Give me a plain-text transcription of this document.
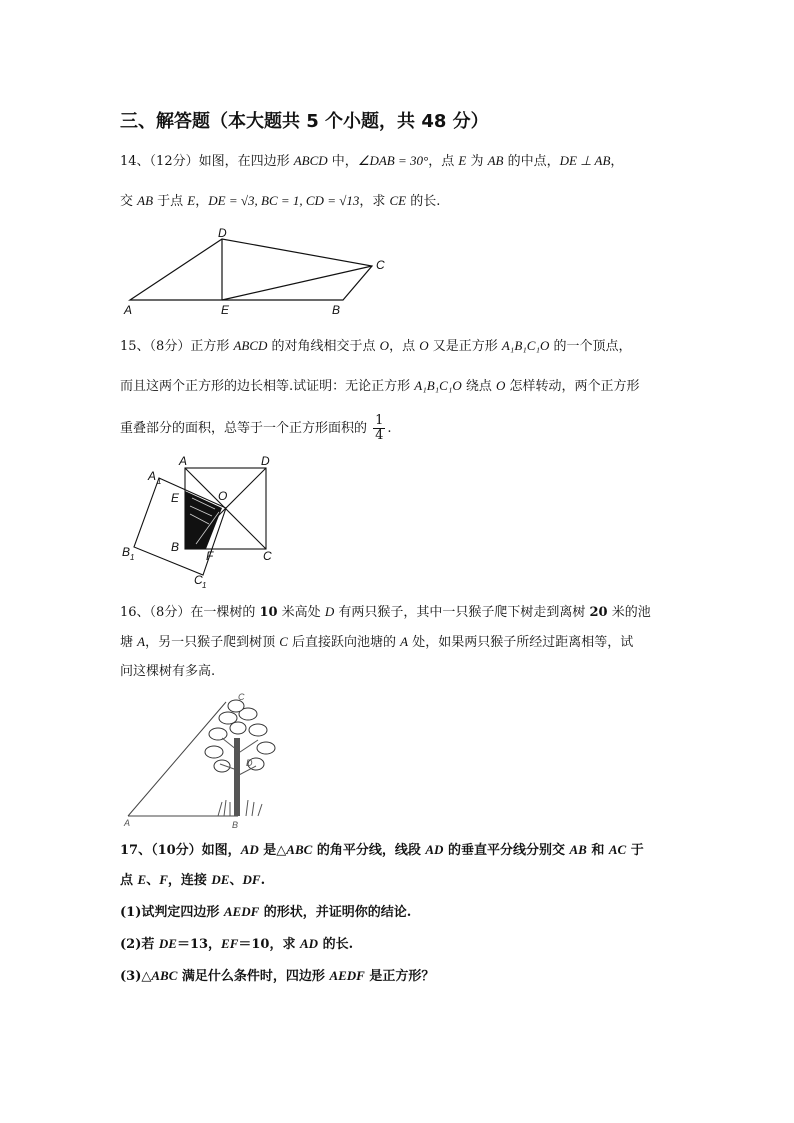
三、解答题（本大题共 5 个小题，共 48 分）
14、（12分）如图，在四边形 ABCD 中，∠DAB = 30°，点 E 为 AB 的中点，DE ⊥ AB，
交 AB 于点 E，DE = √3, BC = 1, CD = √13，求 CE 的长.
D
C
A	E	B
15、（8分）正方形 ABCD 的对角线相交于点 O，点 O 又是正方形 A₁B₁C₁O 的一个顶点，
而且这两个正方形的边长相等.试证明：无论正方形 A₁B₁C₁O 绕点 O 怎样转动，两个正方形
重叠部分的面积，总等于一个正方形面积的 $\frac{1}{4}$ .
A	D
A 1
E	O
B 1
B
F	C
C 1
16、（8分）在一棵树的 10 米高处 D 有两只猴子，其中一只猴子爬下树走到离树 20 米的池
塘 A，另一只猴子爬到树顶 C 后直接跃向池塘的 A 处，如果两只猴子所经过距离相等，试
问这棵树有多高.
C
D
A	B
17、（10分）如图，AD 是△ABC 的角平分线，线段 AD 的垂直平分线分别交 AB 和 AC 于
点 E、F，连接 DE、DF.
(1)试判定四边形 AEDF 的形状，并证明你的结论.
(2)若 DE＝13，EF＝10，求 AD 的长.
(3)△ABC 满足什么条件时，四边形 AEDF 是正方形？
